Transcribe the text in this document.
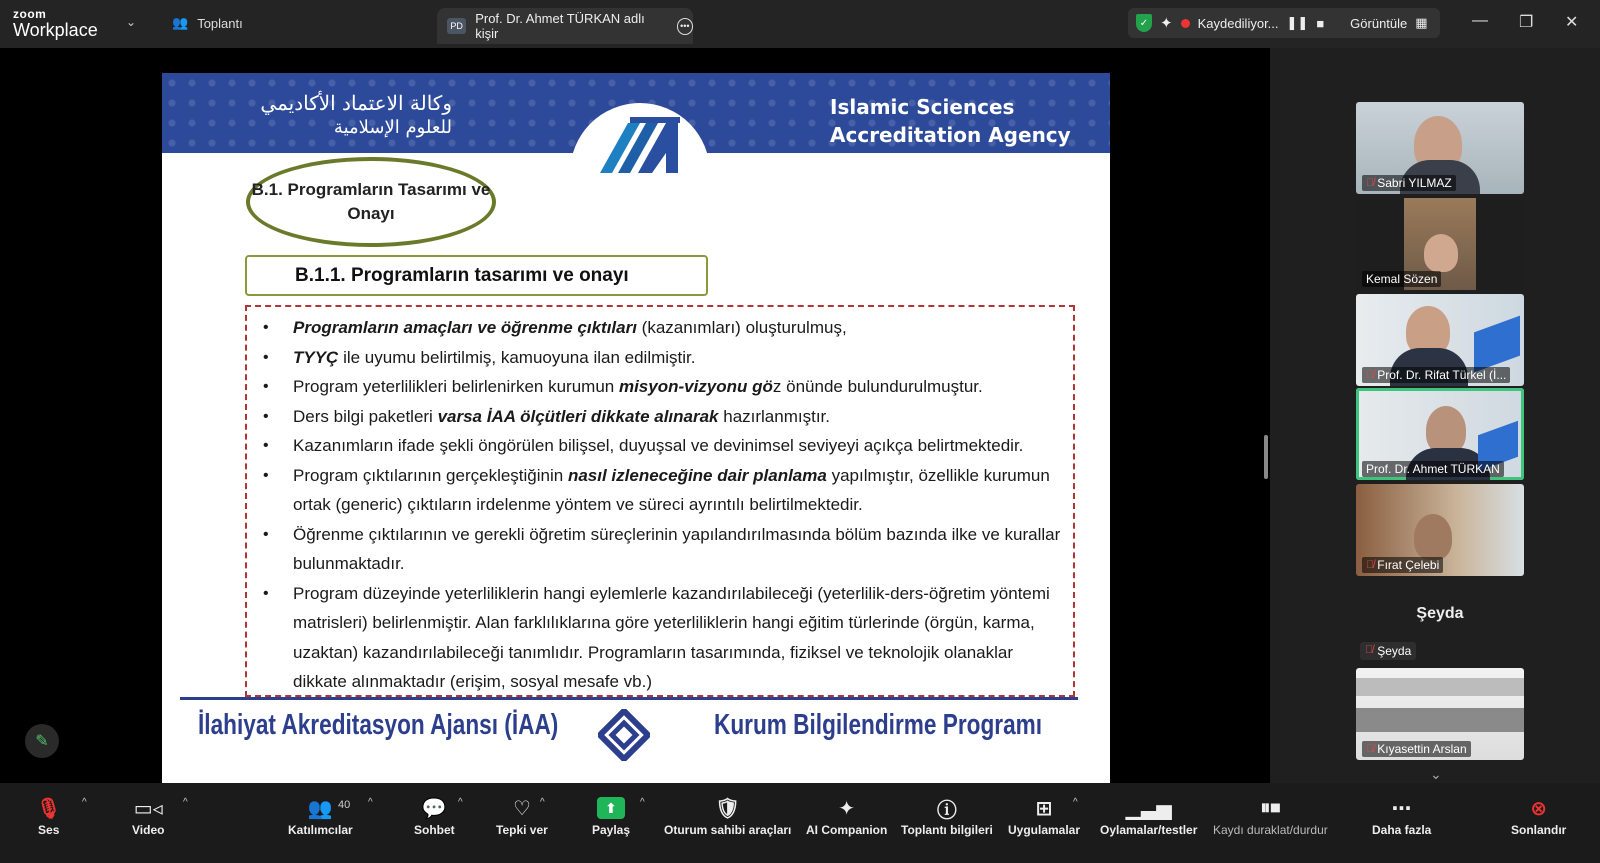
zoom
Workplace ⌄	👥 Toplantı	PD Prof. Dr. Ahmet TÜRKAN adlı kişir	•••	✓ ✦ Kaydediliyor... ❚❚ ■ Görüntüle ▦	— ❐ ✕
وكالة الاعتماد الأكاديمي
للعلوم الإسلامية
Islamic Sciences
Accreditation Agency
B.1. Programların Tasarımı ve Onayı
B.1.1. Programların tasarımı ve onayı
• Programların amaçları ve öğrenme çıktıları (kazanımları) oluşturulmuş,
• TYYÇ ile uyumu belirtilmiş, kamuoyuna ilan edilmiştir.
• Program yeterlilikleri belirlenirken kurumun misyon-vizyonu göz önünde bulundurulmuştur.
• Ders bilgi paketleri varsa İAA ölçütleri dikkate alınarak hazırlanmıştır.
• Kazanımların ifade şekli öngörülen bilişsel, duyuşsal ve devinimsel seviyeyi açıkça belirtmektedir.
• Program çıktılarının gerçekleştiğinin nasıl izleneceğine dair planlama yapılmıştır, özellikle kurumun ortak (generic) çıktıların irdelenme yöntem ve süreci ayrıntılı belirtilmektedir.
• Öğrenme çıktılarının ve gerekli öğretim süreçlerinin yapılandırılmasında bölüm bazında ilke ve kurallar bulunmaktadır.
• Program düzeyinde yeterliliklerin hangi eylemlerle kazandırılabileceği (yeterlilik-ders-öğretim yöntemi matrisleri) belirlenmiştir. Alan farklılıklarına göre yeterliliklerin hangi eğitim türlerinde (örgün, karma, uzaktan) kazandırılabileceği tanımlıdır. Programların tasarımında, fiziksel ve teknolojik olanaklar dikkate alınmaktadır (erişim, sosyal mesafe vb.)
İlahiyat Akreditasyon Ajansı (İAA)	Kurum Bilgilendirme Programı
✎
🎙̸ Sabri YILMAZ
Kemal Sözen
🎙̸ Prof. Dr. Rifat Türkel (İ...
Prof. Dr. Ahmet TÜRKAN
🎙̸ Fırat Çelebi
Şeyda
🎙̸ Şeyda
🎙̸ Kıyasettin Arslan
⌄
🎙
Ses
^ ▭◃
Video
^	👥
Katılımcılar
40 ^ 💬
Sohbet
^	♡
Tepki ver
^	⬆
Paylaş
^	🛡
Oturum sahibi araçları
✦
AI Companion
ⓘ
Toplantı bilgileri
⊞
Uygulamalar
^ ▁▃▅
Oylamalar/testler
⏸⏹
Kaydı duraklat/durdur
⋯
Daha fazla
⊗
Sonlandır
